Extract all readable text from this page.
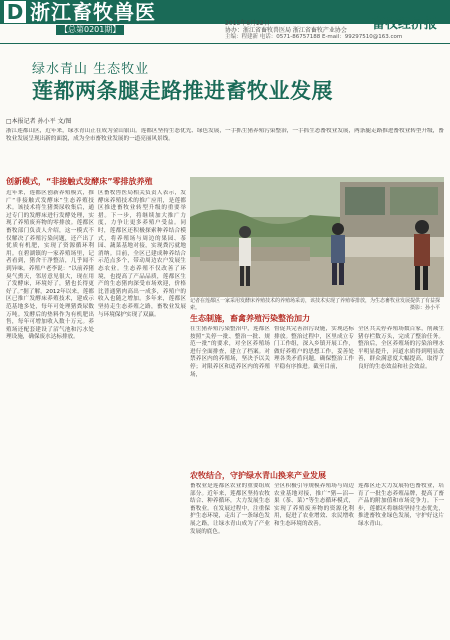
D 浙江畜牧兽医
【总第0201期】
2015年6月22日
协办：浙江省畜牧兽医局 浙江省畜牧产业协会 畜牧经济报
主编：程建新 电话：0571-86757188 E-mail：99297510@163.com
绿水青山 生态牧业
莲都两条腿走路推进畜牧业发展
□本报记者 孙小平 文/图
浙江莲都山区，近年来，绿水青山正在成为金山银山。莲都区坚持生态优先、绿色发展，一手抓生猪养殖污染整治，一手抓生态畜牧业发展，两条腿走路推进畜牧业转型升级，畜牧业发展呈现出新的面貌，成为全市畜牧业发展的一道亮丽风景线。
创新模式，“非接触式发酵床”零排放养殖
近年来，莲都区创新养殖模式，推广“非接触式发酵床”生态养殖技术。该技术将生猪粪尿收集后，通过专门的发酵床进行发酵处理，实现了养殖废弃物的零排放。莲都区畜牧部门负责人介绍，这一模式不仅解决了养殖污染问题，还产出了优质有机肥，实现了资源循环利用。在碧湖镇的一家养殖场里，记者看到，猪舍干净整洁，几乎闻不到异味。养殖户老李说：“以前养猪臭气熏天，邻居意见很大，现在用了发酵床，环境好了，猪也长得更好了。”据了解，2012年以来，莲都区已推广发酵床养殖技术，建成示范基地多处，每年可处理猪粪尿数万吨。发酵后的垫料作为有机肥出售，每年可增加收入数十万元。养殖场还配套建设了沼气池和污水处理设施，确保废水达标排放。
区畜牧兽医局相关负责人表示，发酵床养殖技术的推广应用，是莲都区推进畜牧业转型升级的重要举措。下一步，将继续加大推广力度，力争让更多养殖户受益。同时，莲都区还积极探索种养结合模式，将养殖场与周边的果园、茶园、蔬菜基地对接，实现粪污就地消纳。目前，全区已建成种养结合示范点多个，带动周边农户发展生态农业。生态养殖不仅改善了环境，也提高了产品品质，莲都区生产的生态猪肉深受市场欢迎，价格比普通猪肉高出一成多，养殖户的收入也随之增加。多年来，莲都区坚持走生态养殖之路，畜牧业发展与环境保护实现了双赢。
记者在莲都区一家采用发酵床养殖技术的养殖场采访，该技术实现了养殖零排放，为生态畜牧业发展提供了有益探索。	摄影：孙小平
生态制施，畜禽养殖污染整治加力
在生猪养殖污染整治中，莲都区按照“关停一批、整治一批、规范一批”的要求，对全区养殖场进行全面排查，建立了档案。对禁养区内的养殖场，坚决予以关停；对限养区和适养区内的养殖场，
督促其完善治污设施，实现达标排放。整治过程中，区里成立专门工作组，深入乡镇开展工作，做好养殖户的思想工作，妥善处理各类矛盾问题，确保整治工作平稳有序推进。截至目前，
全区共关停养殖场数百家，削减生猪存栏数万头，完成了整治任务。整治后，全区养殖场的污染治理水平明显提升，河道水质得到明显改善，群众满意度大幅提高，取得了良好的生态效益和社会效益。
农牧结合，守护绿水青山换来产业发展
畜牧业是莲都区农业的重要组成部分。近年来，莲都区坚持农牧结合、种养循环，大力发展生态畜牧业。在发展过程中，注重保护生态环境，走出了一条绿色发展之路，让绿水青山成为了产业发展的底色。
全区积极引导规模养殖场与周边农业基地对接，推广“猪—沼—果（茶、菜）”等生态循环模式，实现了养殖废弃物的资源化利用，促进了农业增效、农民增收和生态环境的改善。
莲都区还大力发展特色畜牧业，培育了一批生态养殖品牌，提高了畜产品的附加值和市场竞争力。下一步，莲都区将继续坚持生态优先，推进畜牧业绿色发展，守护好这片绿水青山。
